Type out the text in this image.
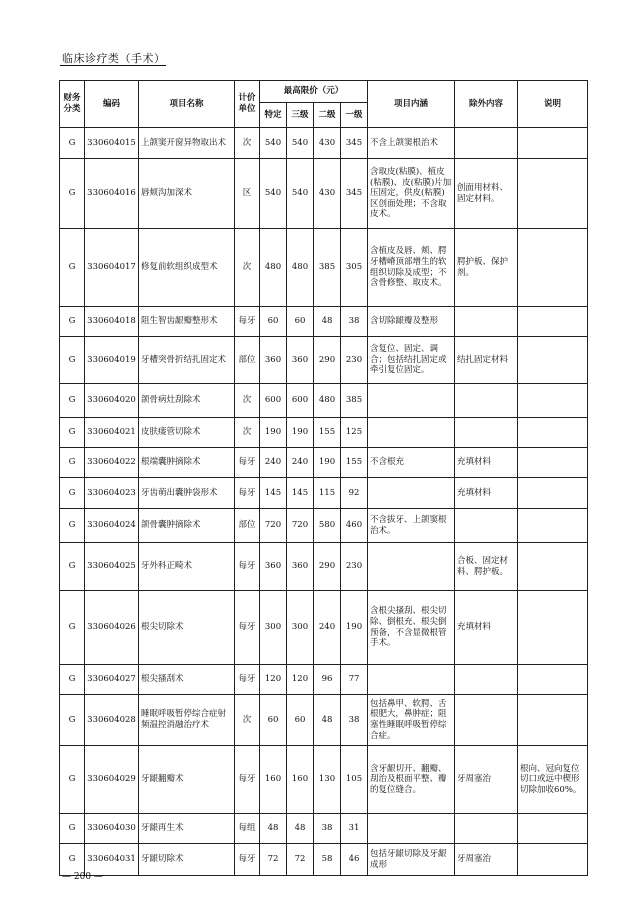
临床诊疗类（手术）
财务分类	编码	项目名称	计价单位	最高限价（元）				项目内涵	除外内容	说明
				特定	三级	二级	一级			
G	330604015	上颌窦开窗异物取出术	次	540	540	430	345	不含上颌窦根治术		
G	330604016	唇颊沟加深术	区	540	540	430	345	含取皮(粘膜)、植皮(粘膜)、皮(粘膜)片加压固定，供皮(粘膜)区创面处理；不含取皮术。	创面用材料、固定材料。	
G	330604017	修复前软组织成型术	次	480	480	385	305	含植皮及唇、颊、腭牙槽嵴顶部增生的软组织切除及成型；不含骨修整、取皮术。	腭护板、保护剂。	
G	330604018	阻生智齿龈瓣整形术	每牙	60	60	48	38	含切除龈瓣及整形		
G	330604019	牙槽突骨折结扎固定术	部位	360	360	290	230	含复位、固定、调合；包括结扎固定或牵引复位固定。	结扎固定材料	
G	330604020	颌骨病灶刮除术	次	600	600	480	385			
G	330604021	皮肤瘘管切除术	次	190	190	155	125			
G	330604022	根端囊肿摘除术	每牙	240	240	190	155	不含根充	充填材料	
G	330604023	牙齿萌出囊肿袋形术	每牙	145	145	115	92		充填材料	
G	330604024	颌骨囊肿摘除术	部位	720	720	580	460	不含拔牙、上颌窦根治术。		
G	330604025	牙外科正畸术	每牙	360	360	290	230		合板、固定材料、腭护板。	
G	330604026	根尖切除术	每牙	300	300	240	190	含根尖搔刮、根尖切除、倒根充、根尖倒预备，不含显微根管手术。	充填材料	
G	330604027	根尖搔刮术	每牙	120	120	96	77			
G	330604028	睡眠呼吸暂停综合症射频温控消融治疗术	次	60	60	48	38	包括鼻甲、软腭、舌根肥大，鼻肿症；阻塞性睡眠呼吸暂停综合症。		
G	330604029	牙龈翻瓣术	每牙	160	160	130	105	含牙龈切开、翻瓣、刮治及根面平整、瓣的复位缝合。	牙周塞治	根向、冠向复位切口或远中楔形切除加收60%。
G	330604030	牙龈再生术	每组	48	48	38	31			
G	330604031	牙龈切除术	每牙	72	72	58	46	包括牙龈切除及牙龈成形	牙周塞治	
— 200 —
